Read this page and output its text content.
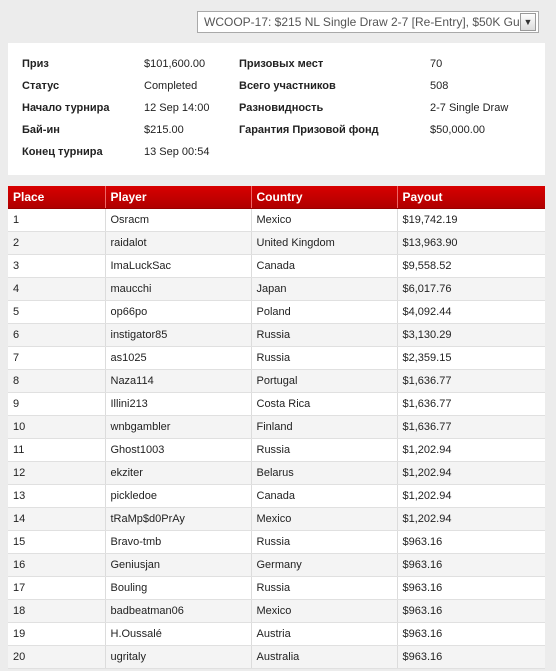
WCOOP-17: $215 NL Single Draw 2-7 [Re-Entry], $50K Gu ▼
Приз	$101,600.00	Призовых мест	70
Статус	Completed	Всего участников	508
Начало турнира	12 Sep 14:00	Разновидность	2-7 Single Draw
Бай-ин	$215.00	Гарантия Призовой фонд	$50,000.00
Конец турнира	13 Sep 00:54
Place	Player	Country	Payout
1	Osracm	Mexico	$19,742.19
2	raidalot	United Kingdom	$13,963.90
3	ImaLuckSac	Canada	$9,558.52
4	maucchi	Japan	$6,017.76
5	op66po	Poland	$4,092.44
6	instigator85	Russia	$3,130.29
7	as1025	Russia	$2,359.15
8	Naza114	Portugal	$1,636.77
9	Illini213	Costa Rica	$1,636.77
10	wnbgambler	Finland	$1,636.77
11	Ghost1003	Russia	$1,202.94
12	ekziter	Belarus	$1,202.94
13	pickledoe	Canada	$1,202.94
14	tRaMp$d0PrAy	Mexico	$1,202.94
15	Bravo-tmb	Russia	$963.16
16	Geniusjan	Germany	$963.16
17	Bouling	Russia	$963.16
18	badbeatman06	Mexico	$963.16
19	H.Oussalé	Austria	$963.16
20	ugritaly	Australia	$963.16
